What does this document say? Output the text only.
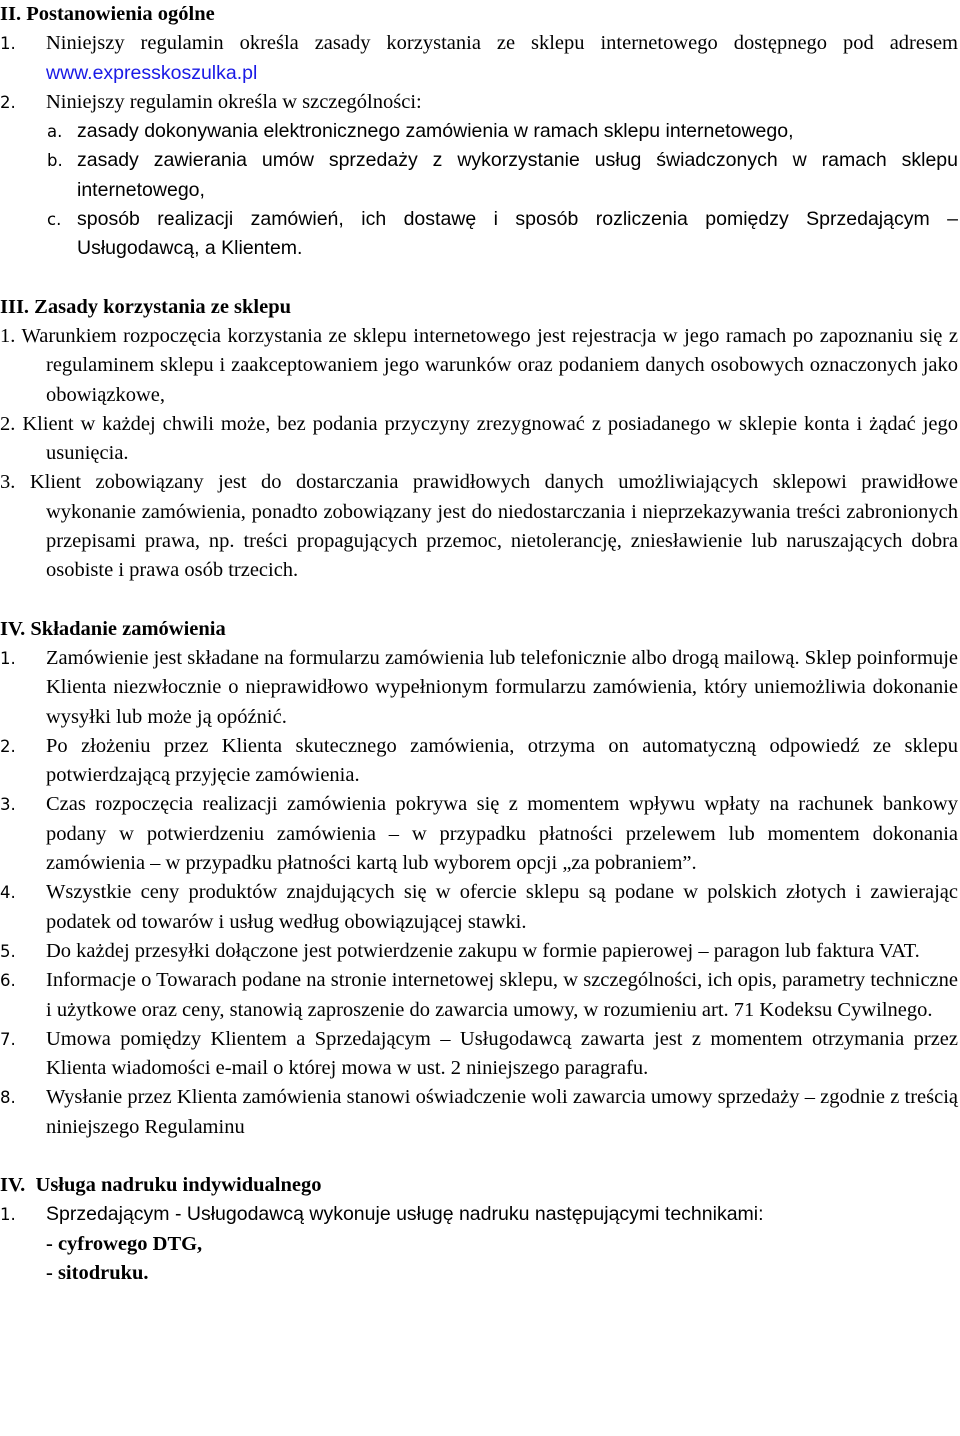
II. Postanowienia ogólne
1. Niniejszy regulamin określa zasady korzystania ze sklepu internetowego dostępnego pod adresem www.expresskoszulka.pl
2. Niniejszy regulamin określa w szczególności:
a. zasady dokonywania elektronicznego zamówienia w ramach sklepu internetowego,
b. zasady zawierania umów sprzedaży z wykorzystanie usług świadczonych w ramach sklepu internetowego,
c. sposób realizacji zamówień, ich dostawę i sposób rozliczenia pomiędzy Sprzedającym – Usługodawcą, a Klientem.
III. Zasady korzystania ze sklepu
1. Warunkiem rozpoczęcia korzystania ze sklepu internetowego jest rejestracja w jego ramach po zapoznaniu się z regulaminem sklepu i zaakceptowaniem jego warunków oraz podaniem danych osobowych oznaczonych jako obowiązkowe,
2. Klient w każdej chwili może, bez podania przyczyny zrezygnować z posiadanego w sklepie konta i żądać jego usunięcia.
3. Klient zobowiązany jest do dostarczania prawidłowych danych umożliwiających sklepowi prawidłowe wykonanie zamówienia, ponadto zobowiązany jest do niedostarczania i nieprzekazywania treści zabronionych przepisami prawa, np. treści propagujących przemoc, nietolerancję, zniesławienie lub naruszających dobra osobiste i prawa osób trzecich.
IV. Składanie zamówienia
1. Zamówienie jest składane na formularzu zamówienia lub telefonicznie albo drogą mailową. Sklep poinformuje Klienta niezwłocznie o nieprawidłowo wypełnionym formularzu zamówienia, który uniemożliwia dokonanie wysyłki lub może ją opóźnić.
2. Po złożeniu przez Klienta skutecznego zamówienia, otrzyma on automatyczną odpowiedź ze sklepu potwierdzającą przyjęcie zamówienia.
3. Czas rozpoczęcia realizacji zamówienia pokrywa się z momentem wpływu wpłaty na rachunek bankowy podany w potwierdzeniu zamówienia – w przypadku płatności przelewem lub momentem dokonania zamówienia – w przypadku płatności kartą lub wyborem opcji „za pobraniem”.
4. Wszystkie ceny produktów znajdujących się w ofercie sklepu są podane w polskich złotych i zawierając podatek od towarów i usług według obowiązującej stawki.
5. Do każdej przesyłki dołączone jest potwierdzenie zakupu w formie papierowej – paragon lub faktura VAT.
6. Informacje o Towarach podane na stronie internetowej sklepu, w szczególności, ich opis, parametry techniczne i użytkowe oraz ceny, stanowią zaproszenie do zawarcia umowy, w rozumieniu art. 71 Kodeksu Cywilnego.
7. Umowa pomiędzy Klientem a Sprzedającym – Usługodawcą zawarta jest z momentem otrzymania przez Klienta wiadomości e-mail o której mowa w ust. 2 niniejszego paragrafu.
8. Wysłanie przez Klienta zamówienia stanowi oświadczenie woli zawarcia umowy sprzedaży – zgodnie z treścią niniejszego Regulaminu
IV.  Usługa nadruku indywidualnego
1. Sprzedającym - Usługodawcą wykonuje usługę nadruku następującymi technikami:
- cyfrowego DTG,
- sitodruku.
